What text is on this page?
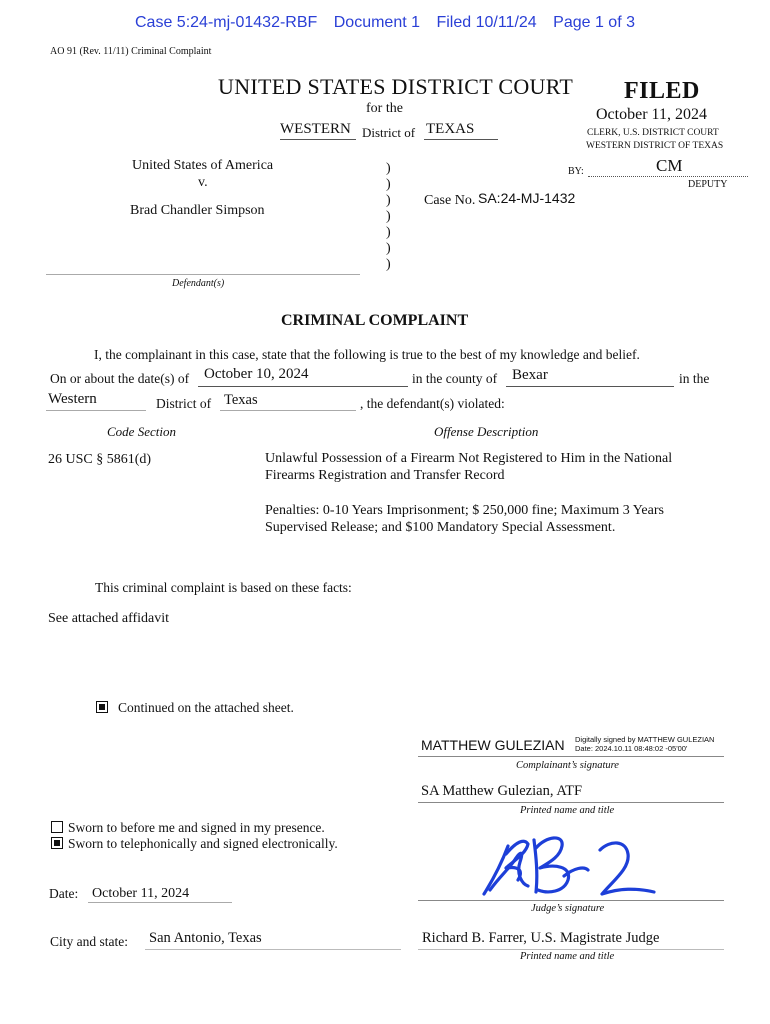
Case 5:24-mj-01432-RBF Document 1 Filed 10/11/24 Page 1 of 3
AO 91 (Rev. 11/11) Criminal Complaint
UNITED STATES DISTRICT COURT
for the
WESTERN District of TEXAS
FILED
October 11, 2024
CLERK, U.S. DISTRICT COURT
WESTERN DISTRICT OF TEXAS
BY:	CM
DEPUTY
United States of America
v.
Brad Chandler Simpson
Defendant(s)
)
)
)
)
)
)
)
Case No. SA:24-MJ-1432
CRIMINAL COMPLAINT
I, the complainant in this case, state that the following is true to the best of my knowledge and belief.
On or about the date(s) of October 10, 2024	in the county of Bexar	in the
Western	District of Texas	, the defendant(s) violated:
Code Section	Offense Description
26 USC § 5861(d)	Unlawful Possession of a Firearm Not Registered to Him in the National
Firearms Registration and Transfer Record
Penalties: 0-10 Years Imprisonment; $ 250,000 fine; Maximum 3 Years
Supervised Release; and $100 Mandatory Special Assessment.
This criminal complaint is based on these facts:
See attached affidavit
Continued on the attached sheet.
MATTHEW GULEZIAN Digitally signed by MATTHEW GULEZIAN
Date: 2024.10.11 08:48:02 -05'00'
Complainant’s signature
SA Matthew Gulezian, ATF
Printed name and title
Sworn to before me and signed in my presence.
Sworn to telephonically and signed electronically.
Date: October 11, 2024
Judge’s signature
City and state: San Antonio, Texas	Richard B. Farrer, U.S. Magistrate Judge
Printed name and title
